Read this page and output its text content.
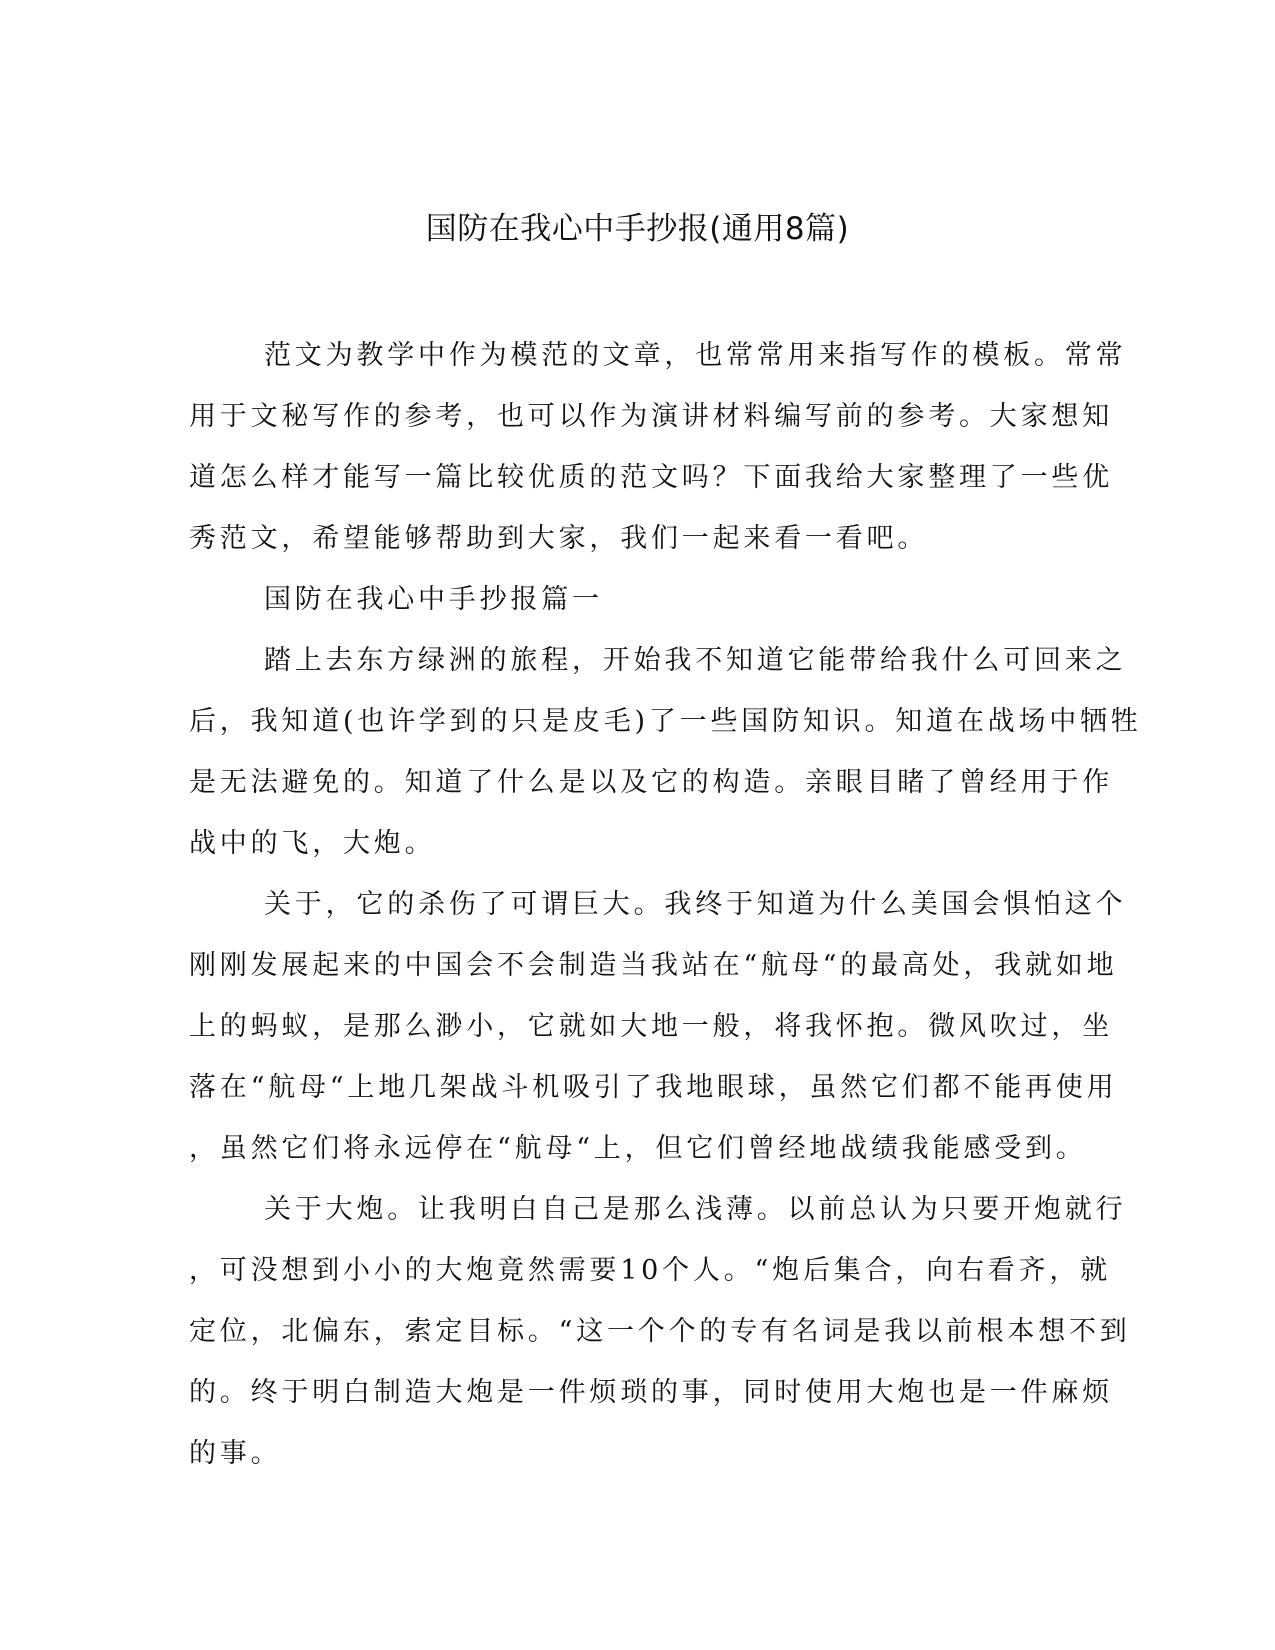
国防在我心中手抄报(通用8篇)
范文为教学中作为模范的文章，也常常用来指写作的模板。常常
用于文秘写作的参考，也可以作为演讲材料编写前的参考。大家想知
道怎么样才能写一篇比较优质的范文吗？下面我给大家整理了一些优
秀范文，希望能够帮助到大家，我们一起来看一看吧。
国防在我心中手抄报篇一
踏上去东方绿洲的旅程，开始我不知道它能带给我什么可回来之
后，我知道(也许学到的只是皮毛)了一些国防知识。知道在战场中牺牲
是无法避免的。知道了什么是以及它的构造。亲眼目睹了曾经用于作
战中的飞，大炮。
关于，它的杀伤了可谓巨大。我终于知道为什么美国会惧怕这个
刚刚发展起来的中国会不会制造当我站在“航母“的最高处，我就如地
上的蚂蚁，是那么渺小，它就如大地一般，将我怀抱。微风吹过，坐
落在“航母“上地几架战斗机吸引了我地眼球，虽然它们都不能再使用
，虽然它们将永远停在“航母“上，但它们曾经地战绩我能感受到。
关于大炮。让我明白自己是那么浅薄。以前总认为只要开炮就行
，可没想到小小的大炮竟然需要10个人。“炮后集合，向右看齐，就
定位，北偏东，索定目标。“这一个个的专有名词是我以前根本想不到
的。终于明白制造大炮是一件烦琐的事，同时使用大炮也是一件麻烦
的事。
